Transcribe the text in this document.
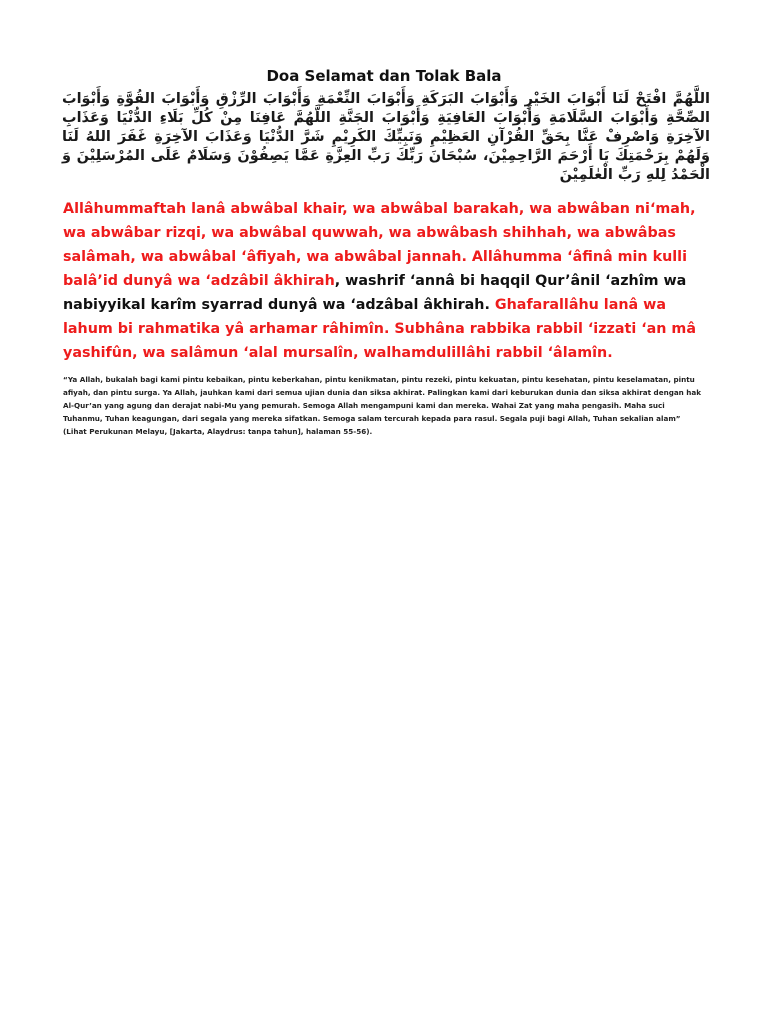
Doa Selamat dan Tolak Bala
اللَّهُمَّ افْتَحْ لَنَا أَبْوَابَ الخَيْرِ وَأَبْوَابَ البَرَكَةِ وَأَبْوَابَ النِّعْمَةِ وَأَبْوَابَ الرِّزْقِ وَأَبْوَابَ القُوَّةِ وَأَبْوَابَ الصِّحَّةِ وَأَبْوَابَ السَّلَامَةِ وَأَبْوَابَ العَافِيَةِ وَأَبْوَابَ الجَنَّةِ اللَّهُمَّ عَافِنَا مِنْ كُلِّ بَلَاءِ الدُّنْيَا وَعَذَابِ الآخِرَةِ وَاصْرِفْ عَنَّا بِحَقِّ القُرْآنِ العَظِيْمِ وَنَبِيِّكَ الكَرِيْمِ شَرَّ الدُّنْيَا وَعَذَابَ الآخِرَةِ غَفَرَ اللهُ لَنَا وَلَهُمْ بِرَحْمَتِكَ يَا أَرْحَمَ الرَّاحِمِيْنَ، سُبْحَانَ رَبِّكَ رَبِّ العِزَّةِ عَمَّا يَصِفُوْنَ وَسَلَامٌ عَلَى المُرْسَلِيْنَ وَ الْحَمْدُ لِلهِ رَبِّ الْعٰلَمِيْنَ
Allâhummaftah lanâ abwâbal khair, wa abwâbal barakah, wa abwâban ni‘mah, wa abwâbar rizqi, wa abwâbal quwwah, wa abwâbash shihhah, wa abwâbas salâmah, wa abwâbal ‘âfiyah, wa abwâbal jannah. Allâhumma ‘âfinâ min kulli balâ’id dunyâ wa ‘adzâbil âkhirah, washrif ‘annâ bi haqqil Qur’ânil ‘azhîm wa nabiyyikal karîm syarrad dunyâ wa ‘adzâbal âkhirah. Ghafarallâhu lanâ wa lahum bi rahmatika yâ arhamar râhimîn. Subhâna rabbika rabbil ‘izzati ‘an mâ yashifûn, wa salâmun ‘alal mursalîn, walhamdulillâhi rabbil ‘âlamîn.
“Ya Allah, bukalah bagi kami pintu kebaikan, pintu keberkahan, pintu kenikmatan, pintu rezeki, pintu kekuatan, pintu kesehatan, pintu keselamatan, pintu afiyah, dan pintu surga. Ya Allah, jauhkan kami dari semua ujian dunia dan siksa akhirat. Palingkan kami dari keburukan dunia dan siksa akhirat dengan hak Al-Qur’an yang agung dan derajat nabi-Mu yang pemurah. Semoga Allah mengampuni kami dan mereka. Wahai Zat yang maha pengasih. Maha suci Tuhanmu, Tuhan keagungan, dari segala yang mereka sifatkan. Semoga salam tercurah kepada para rasul. Segala puji bagi Allah, Tuhan sekalian alam” (Lihat Perukunan Melayu, [Jakarta, Alaydrus: tanpa tahun], halaman 55-56).
